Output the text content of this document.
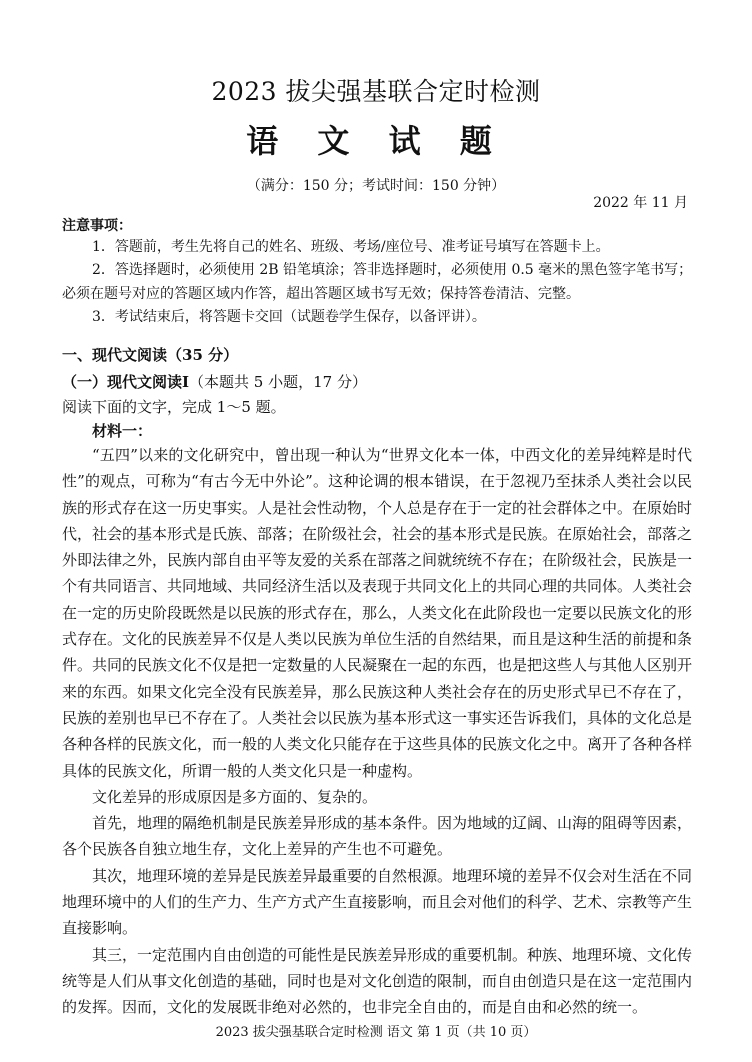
2023 拔尖强基联合定时检测
语 文 试 题
（满分：150 分；考试时间：150 分钟）
2022 年 11 月
注意事项：
1．答题前，考生先将自己的姓名、班级、考场/座位号、准考证号填写在答题卡上。
2．答选择题时，必须使用 2B 铅笔填涂；答非选择题时，必须使用 0.5 毫米的黑色签字笔书写；
必须在题号对应的答题区域内作答，超出答题区域书写无效；保持答卷清洁、完整。
3．考试结束后，将答题卡交回（试题卷学生保存，以备评讲）。
一、现代文阅读（35 分）
（一）现代文阅读Ⅰ（本题共 5 小题，17 分）
阅读下面的文字，完成 1～5 题。
材料一：

“五四”以来的文化研究中，曾出现一种认为“世界文化本一体，中西文化的差异纯粹是时代性”的观点，可称为“有古今无中外论”。这种论调的根本错误，在于忽视乃至抹杀人类社会以民族的形式存在这一历史事实。人是社会性动物，个人总是存在于一定的社会群体之中。在原始时代，社会的基本形式是氏族、部落；在阶级社会，社会的基本形式是民族。在原始社会，部落之外即法律之外，民族内部自由平等友爱的关系在部落之间就统统不存在；在阶级社会，民族是一个有共同语言、共同地域、共同经济生活以及表现于共同文化上的共同心理的共同体。人类社会在一定的历史阶段既然是以民族的形式存在，那么，人类文化在此阶段也一定要以民族文化的形式存在。文化的民族差异不仅是人类以民族为单位生活的自然结果，而且是这种生活的前提和条件。共同的民族文化不仅是把一定数量的人民凝聚在一起的东西，也是把这些人与其他人区别开来的东西。如果文化完全没有民族差异，那么民族这种人类社会存在的历史形式早已不存在了，民族的差别也早已不存在了。人类社会以民族为基本形式这一事实还告诉我们，具体的文化总是各种各样的民族文化，而一般的人类文化只能存在于这些具体的民族文化之中。离开了各种各样具体的民族文化，所谓一般的人类文化只是一种虚构。

文化差异的形成原因是多方面的、复杂的。

首先，地理的隔绝机制是民族差异形成的基本条件。因为地域的辽阔、山海的阻碍等因素，各个民族各自独立地生存，文化上差异的产生也不可避免。

其次，地理环境的差异是民族差异最重要的自然根源。地理环境的差异不仅会对生活在不同地理环境中的人们的生产力、生产方式产生直接影响，而且会对他们的科学、艺术、宗教等产生直接影响。

其三，一定范围内自由创造的可能性是民族差异形成的重要机制。种族、地理环境、文化传统等是人们从事文化创造的基础，同时也是对文化创造的限制，而自由创造只是在这一定范围内的发挥。因而，文化的发展既非绝对必然的，也非完全自由的，而是自由和必然的统一。

2023 拔尖强基联合定时检测 语文 第 1 页（共 10 页）
